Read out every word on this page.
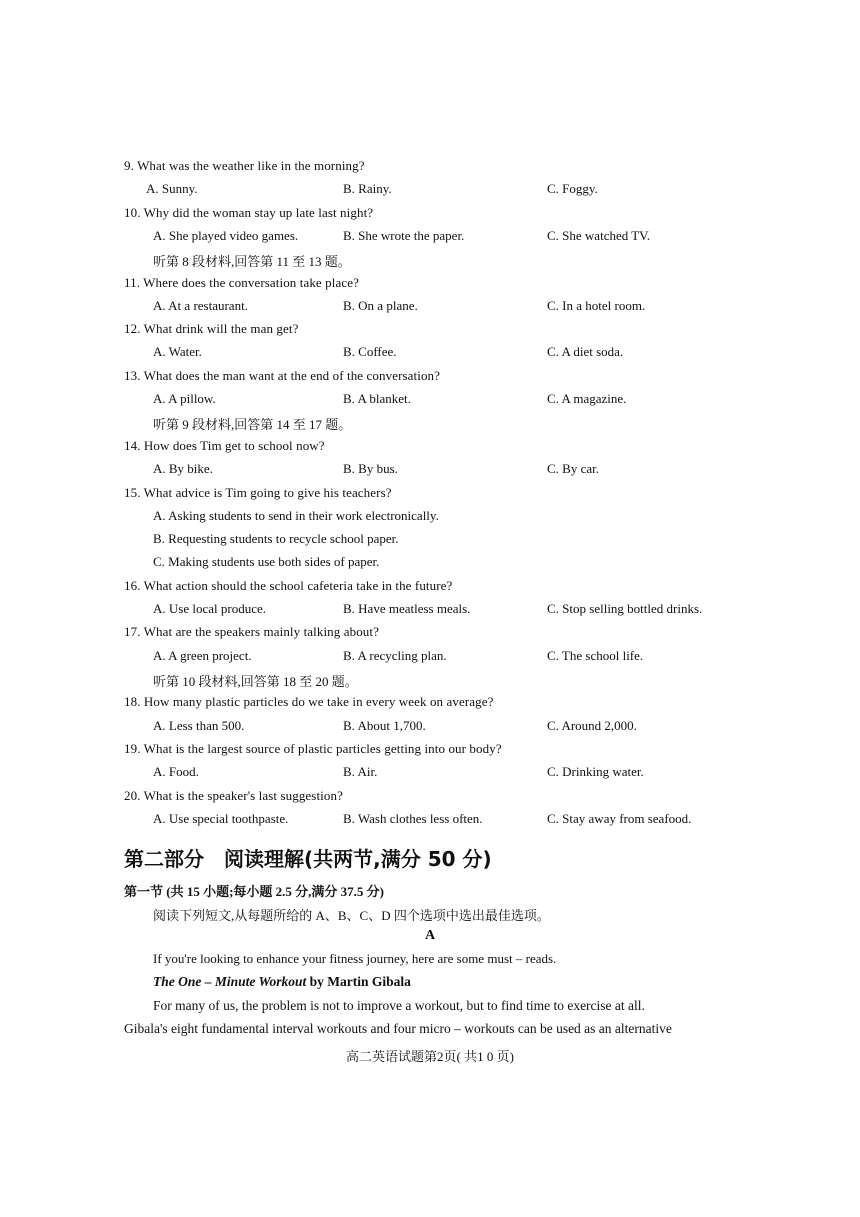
9. What was the weather like in the morning?
A. Sunny.	B. Rainy.	C. Foggy.
10. Why did the woman stay up late last night?
A. She played video games.	B. She wrote the paper.	C. She watched TV.
听第 8 段材料,回答第 11 至 13 题。
11. Where does the conversation take place?
A. At a restaurant.	B. On a plane.	C. In a hotel room.
12. What drink will the man get?
A. Water.	B. Coffee.	C. A diet soda.
13. What does the man want at the end of the conversation?
A. A pillow.	B. A blanket.	C. A magazine.
听第 9 段材料,回答第 14 至 17 题。
14. How does Tim get to school now?
A. By bike.	B. By bus.	C. By car.
15. What advice is Tim going to give his teachers?
A. Asking students to send in their work electronically.
B. Requesting students to recycle school paper.
C. Making students use both sides of paper.
16. What action should the school cafeteria take in the future?
A. Use local produce.	B. Have meatless meals.	C. Stop selling bottled drinks.
17. What are the speakers mainly talking about?
A. A green project.	B. A recycling plan.	C. The school life.
听第 10 段材料,回答第 18 至 20 题。
18. How many plastic particles do we take in every week on average?
A. Less than 500.	B. About 1,700.	C. Around 2,000.
19. What is the largest source of plastic particles getting into our body?
A. Food.	B. Air.	C. Drinking water.
20. What is the speaker's last suggestion?
A. Use special toothpaste.	B. Wash clothes less often.	C. Stay away from seafood.
第二部分　阅读理解(共两节,满分 50 分)
第一节 (共 15 小题;每小题 2.5 分,满分 37.5 分)
阅读下列短文,从每题所给的 A、B、C、D 四个选项中选出最佳选项。
A
If you're looking to enhance your fitness journey, here are some must – reads.
The One – Minute Workout by Martin Gibala
For many of us, the problem is not to improve a workout, but to find time to exercise at all.
Gibala's eight fundamental interval workouts and four micro – workouts can be used as an alternative
高二英语试题第2页( 共1 0 页)
